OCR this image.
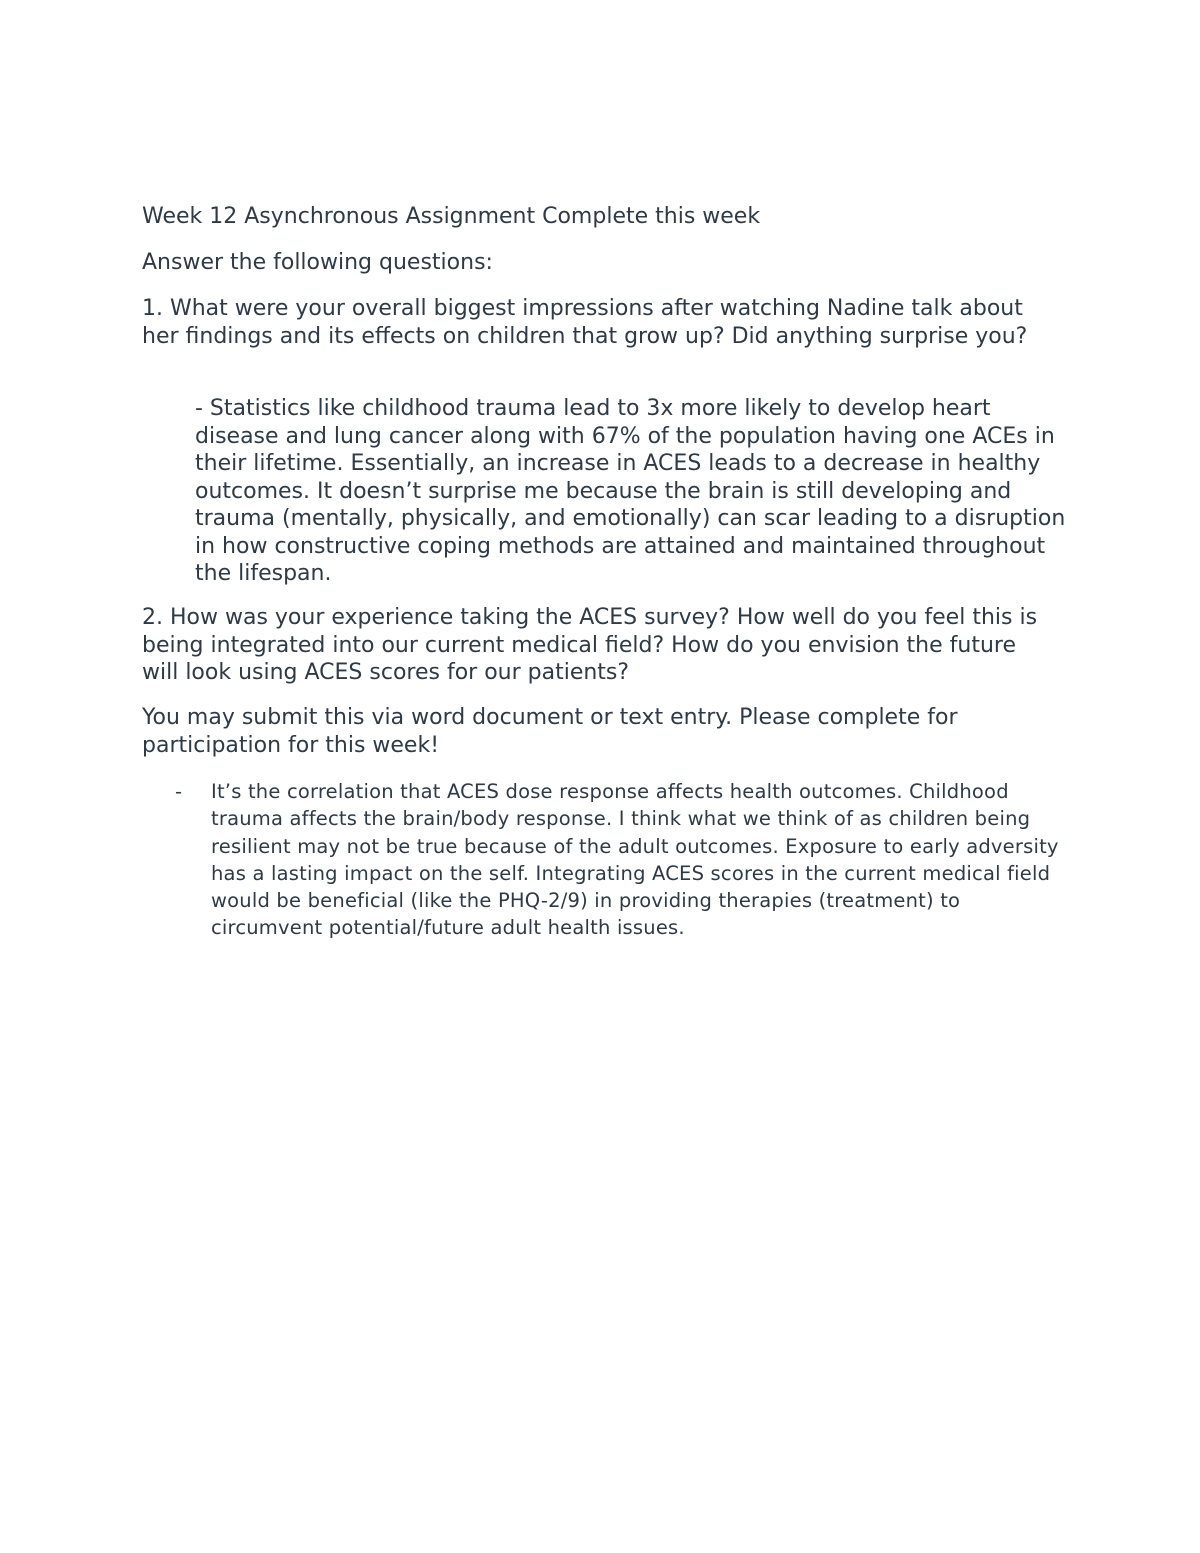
Week 12 Asynchronous Assignment Complete this week

Answer the following questions:

1. What were your overall biggest impressions after watching Nadine talk about her findings and its effects on children that grow up? Did anything surprise you?

- Statistics like childhood trauma lead to 3x more likely to develop heart disease and lung cancer along with 67% of the population having one ACEs in their lifetime. Essentially, an increase in ACES leads to a decrease in healthy outcomes. It doesn’t surprise me because the brain is still developing and trauma (mentally, physically, and emotionally) can scar leading to a disruption in how constructive coping methods are attained and maintained throughout the lifespan.

2. How was your experience taking the ACES survey? How well do you feel this is being integrated into our current medical field? How do you envision the future will look using ACES scores for our patients?

You may submit this via word document or text entry. Please complete for participation for this week!

- It’s the correlation that ACES dose response affects health outcomes. Childhood trauma affects the brain/body response. I think what we think of as children being resilient may not be true because of the adult outcomes. Exposure to early adversity has a lasting impact on the self. Integrating ACES scores in the current medical field would be beneficial (like the PHQ-2/9) in providing therapies (treatment) to circumvent potential/future adult health issues.
